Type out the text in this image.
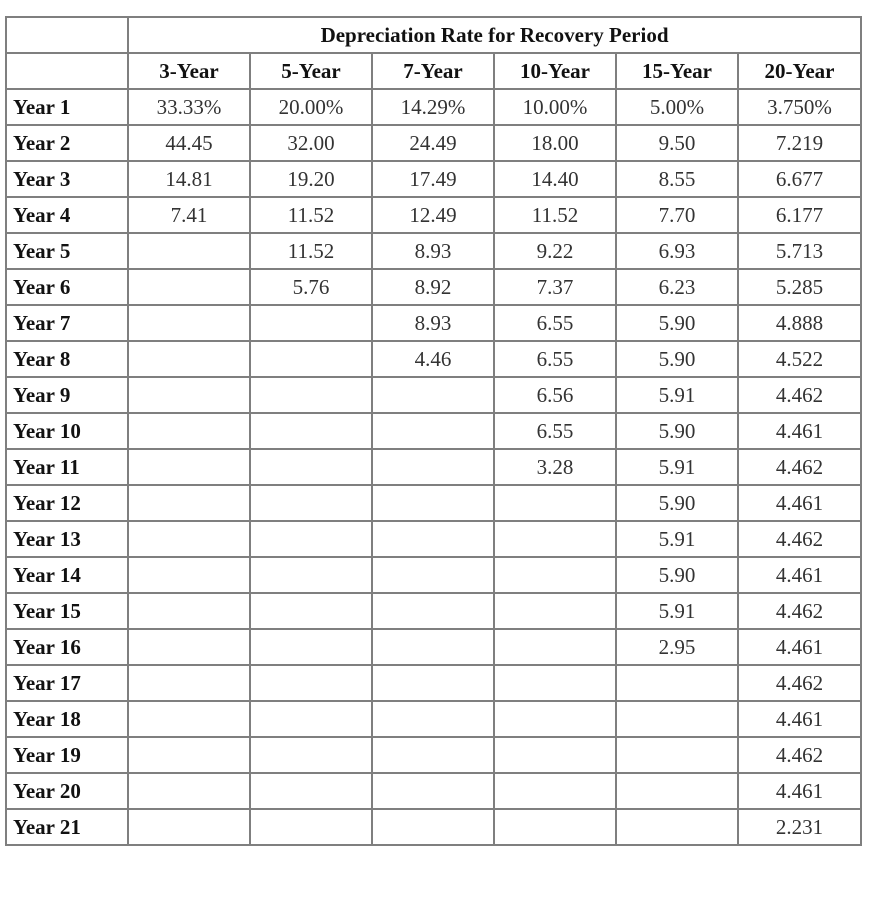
	Depreciation Rate for Recovery Period					
	3-Year	5-Year	7-Year	10-Year	15-Year	20-Year
Year 1	33.33%	20.00%	14.29%	10.00%	5.00%	3.750%
Year 2	44.45	32.00	24.49	18.00	9.50	7.219
Year 3	14.81	19.20	17.49	14.40	8.55	6.677
Year 4	7.41	11.52	12.49	11.52	7.70	6.177
Year 5		11.52	8.93	9.22	6.93	5.713
Year 6		5.76	8.92	7.37	6.23	5.285
Year 7			8.93	6.55	5.90	4.888
Year 8			4.46	6.55	5.90	4.522
Year 9				6.56	5.91	4.462
Year 10				6.55	5.90	4.461
Year 11				3.28	5.91	4.462
Year 12					5.90	4.461
Year 13					5.91	4.462
Year 14					5.90	4.461
Year 15					5.91	4.462
Year 16					2.95	4.461
Year 17						4.462
Year 18						4.461
Year 19						4.462
Year 20						4.461
Year 21						2.231
